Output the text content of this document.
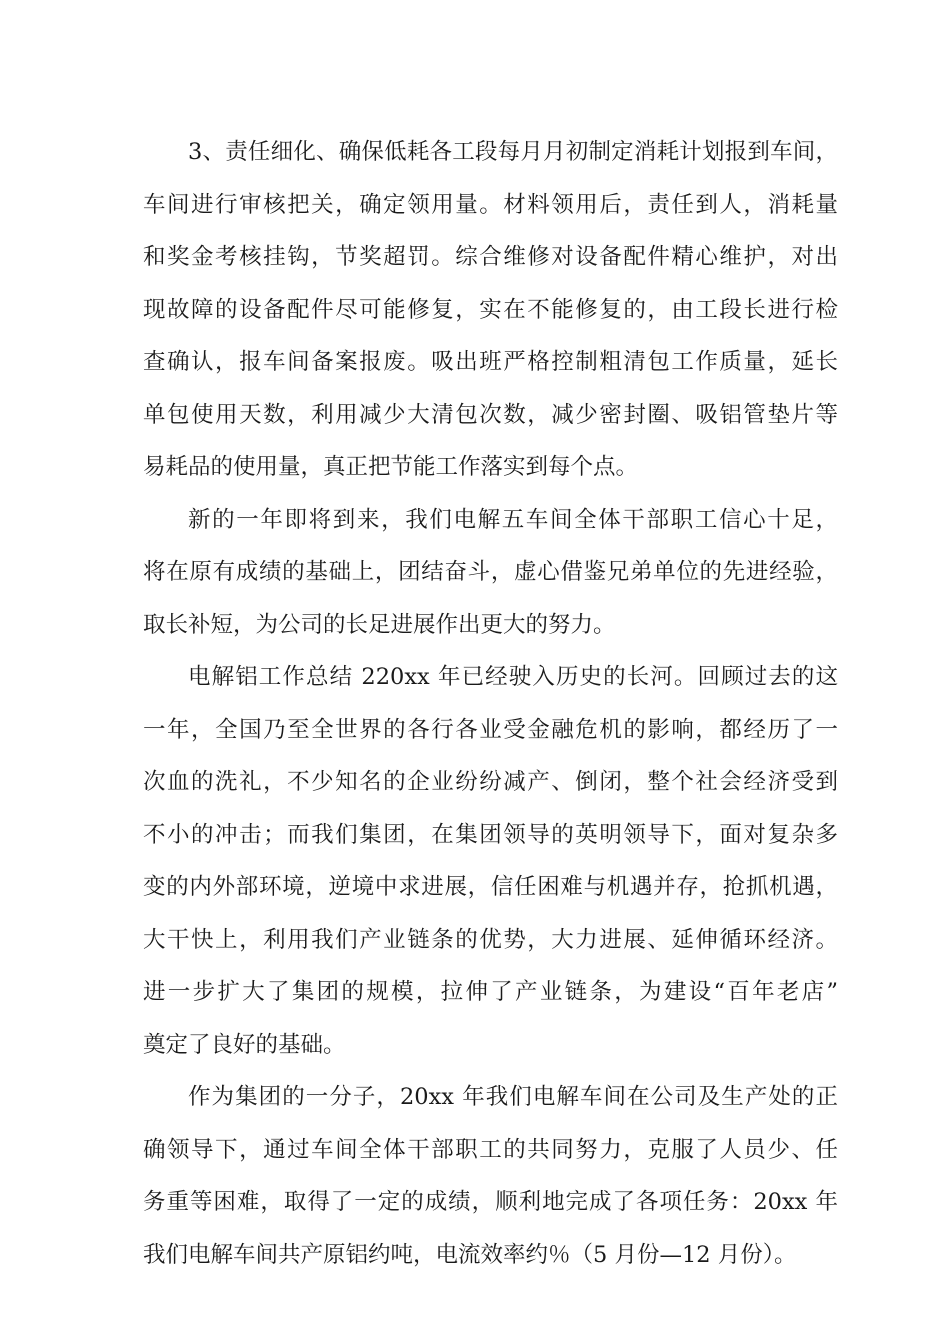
3、责任细化、确保低耗各工段每月月初制定消耗计划报到车间，
车间进行审核把关，确定领用量。材料领用后，责任到人，消耗量
和奖金考核挂钩，节奖超罚。综合维修对设备配件精心维护，对出
现故障的设备配件尽可能修复，实在不能修复的，由工段长进行检
查确认，报车间备案报废。吸出班严格控制粗清包工作质量，延长
单包使用天数，利用减少大清包次数，减少密封圈、吸铝管垫片等
易耗品的使用量，真正把节能工作落实到每个点。
新的一年即将到来，我们电解五车间全体干部职工信心十足，
将在原有成绩的基础上，团结奋斗，虚心借鉴兄弟单位的先进经验，
取长补短，为公司的长足进展作出更大的努力。
电解铝工作总结 220xx 年已经驶入历史的长河。回顾过去的这
一年，全国乃至全世界的各行各业受金融危机的影响，都经历了一
次血的洗礼，不少知名的企业纷纷减产、倒闭，整个社会经济受到
不小的冲击；而我们集团，在集团领导的英明领导下，面对复杂多
变的内外部环境，逆境中求进展，信任困难与机遇并存，抢抓机遇，
大干快上，利用我们产业链条的优势，大力进展、延伸循环经济。
进一步扩大了集团的规模，拉伸了产业链条，为建设“百年老店”
奠定了良好的基础。
作为集团的一分子，20xx 年我们电解车间在公司及生产处的正
确领导下，通过车间全体干部职工的共同努力，克服了人员少、任
务重等困难，取得了一定的成绩，顺利地完成了各项任务：20xx 年
我们电解车间共产原铝约吨，电流效率约％（5 月份—12 月份）。
